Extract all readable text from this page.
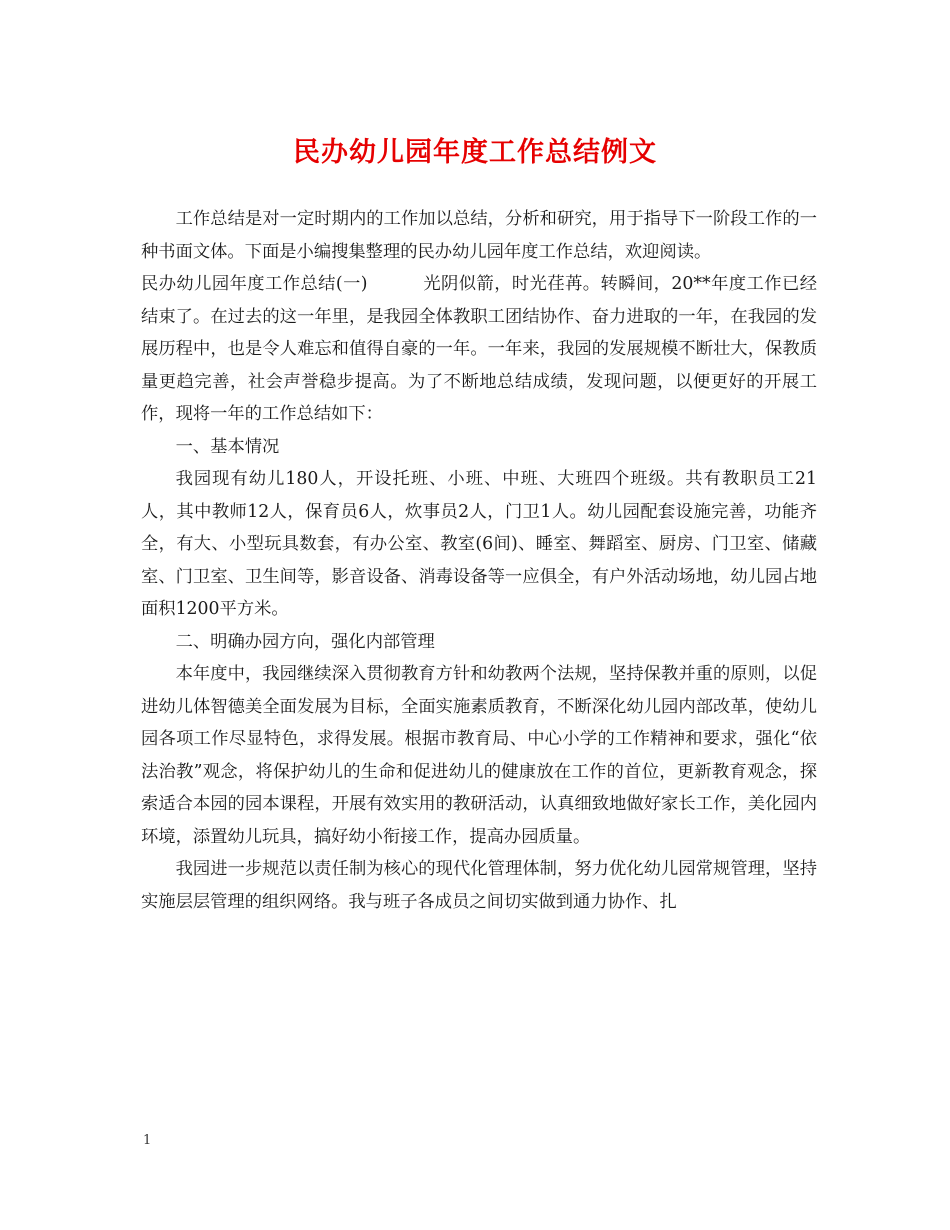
民办幼儿园年度工作总结例文

工作总结是对一定时期内的工作加以总结，分析和研究，用于指导下一阶段工作的一种书面文体。下面是小编搜集整理的民办幼儿园年度工作总结，欢迎阅读。

民办幼儿园年度工作总结(一)	光阴似箭，时光荏苒。转瞬间，20**年度工作已经结束了。在过去的这一年里，是我园全体教职工团结协作、奋力进取的一年，在我园的发展历程中，也是令人难忘和值得自豪的一年。一年来，我园的发展规模不断壮大，保教质量更趋完善，社会声誉稳步提高。为了不断地总结成绩，发现问题，以便更好的开展工作，现将一年的工作总结如下：

一、基本情况

我园现有幼儿180人，开设托班、小班、中班、大班四个班级。共有教职员工21人，其中教师12人，保育员6人，炊事员2人，门卫1人。幼儿园配套设施完善，功能齐全，有大、小型玩具数套，有办公室、教室(6间)、睡室、舞蹈室、厨房、门卫室、储藏室、门卫室、卫生间等，影音设备、消毒设备等一应俱全，有户外活动场地，幼儿园占地面积1200平方米。

二、明确办园方向，强化内部管理

本年度中，我园继续深入贯彻教育方针和幼教两个法规，坚持保教并重的原则，以促进幼儿体智德美全面发展为目标，全面实施素质教育，不断深化幼儿园内部改革，使幼儿园各项工作尽显特色，求得发展。根据市教育局、中心小学的工作精神和要求，强化“依法治教”观念，将保护幼儿的生命和促进幼儿的健康放在工作的首位，更新教育观念，探索适合本园的园本课程，开展有效实用的教研活动，认真细致地做好家长工作，美化园内环境，添置幼儿玩具，搞好幼小衔接工作，提高办园质量。

我园进一步规范以责任制为核心的现代化管理体制，努力优化幼儿园常规管理，坚持实施层层管理的组织网络。我与班子各成员之间切实做到通力协作、扎

1
